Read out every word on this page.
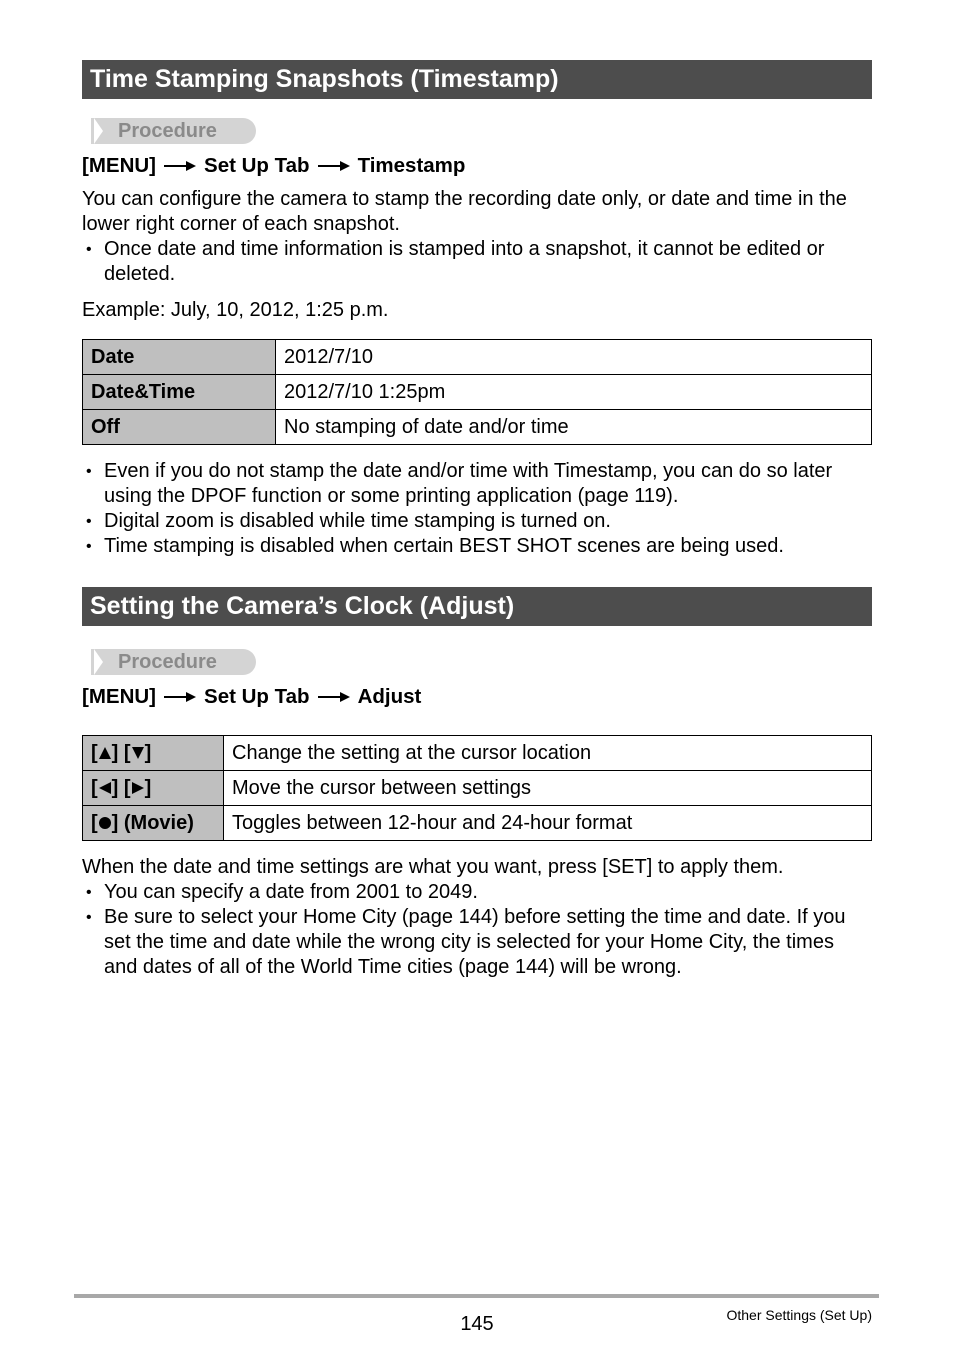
Time Stamping Snapshots (Timestamp)
Procedure
[MENU] Set Up Tab Timestamp
You can configure the camera to stamp the recording date only, or date and time in the lower right corner of each snapshot.
• Once date and time information is stamped into a snapshot, it cannot be edited or deleted.
Example: July, 10, 2012, 1:25 p.m.
Date	2012/7/10
Date&Time	2012/7/10 1:25pm
Off	No stamping of date and/or time
• Even if you do not stamp the date and/or time with Timestamp, you can do so later using the DPOF function or some printing application (page 119).
• Digital zoom is disabled while time stamping is turned on.
• Time stamping is disabled when certain BEST SHOT scenes are being used.
Setting the Camera’s Clock (Adjust)
Procedure
[MENU] Set Up Tab Adjust
[ ] [ ]	Change the setting at the cursor location
[ ] [ ]	Move the cursor between settings
[ ] (Movie)	Toggles between 12-hour and 24-hour format
When the date and time settings are what you want, press [SET] to apply them.
• You can specify a date from 2001 to 2049.
• Be sure to select your Home City (page 144) before setting the time and date. If you set the time and date while the wrong city is selected for your Home City, the times and dates of all of the World Time cities (page 144) will be wrong.
145	Other Settings (Set Up)
